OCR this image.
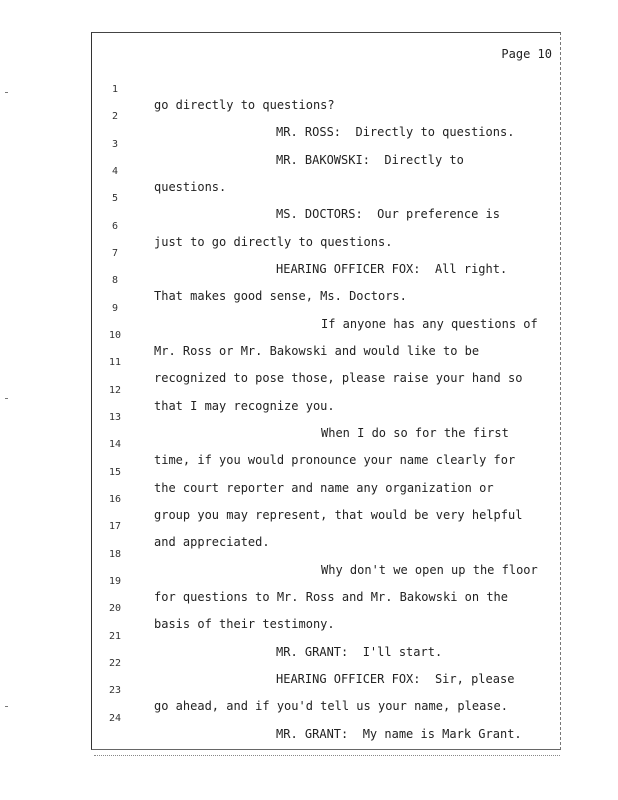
Page 10

1

go directly to questions?

2

MR. ROSS:  Directly to questions.

3

MR. BAKOWSKI:  Directly to

4

questions.

5

MS. DOCTORS:  Our preference is

6

just to go directly to questions.

7

HEARING OFFICER FOX:  All right.

8

That makes good sense, Ms. Doctors.

9

If anyone has any questions of

10

Mr. Ross or Mr. Bakowski and would like to be

11

recognized to pose those, please raise your hand so

12

that I may recognize you.

13

When I do so for the first

14

time, if you would pronounce your name clearly for

15

the court reporter and name any organization or

16

group you may represent, that would be very helpful

17

and appreciated.

18

Why don't we open up the floor

19

for questions to Mr. Ross and Mr. Bakowski on the

20

basis of their testimony.

21

MR. GRANT:  I'll start.

22

HEARING OFFICER FOX:  Sir, please

23

go ahead, and if you'd tell us your name, please.

24

MR. GRANT:  My name is Mark Grant.
